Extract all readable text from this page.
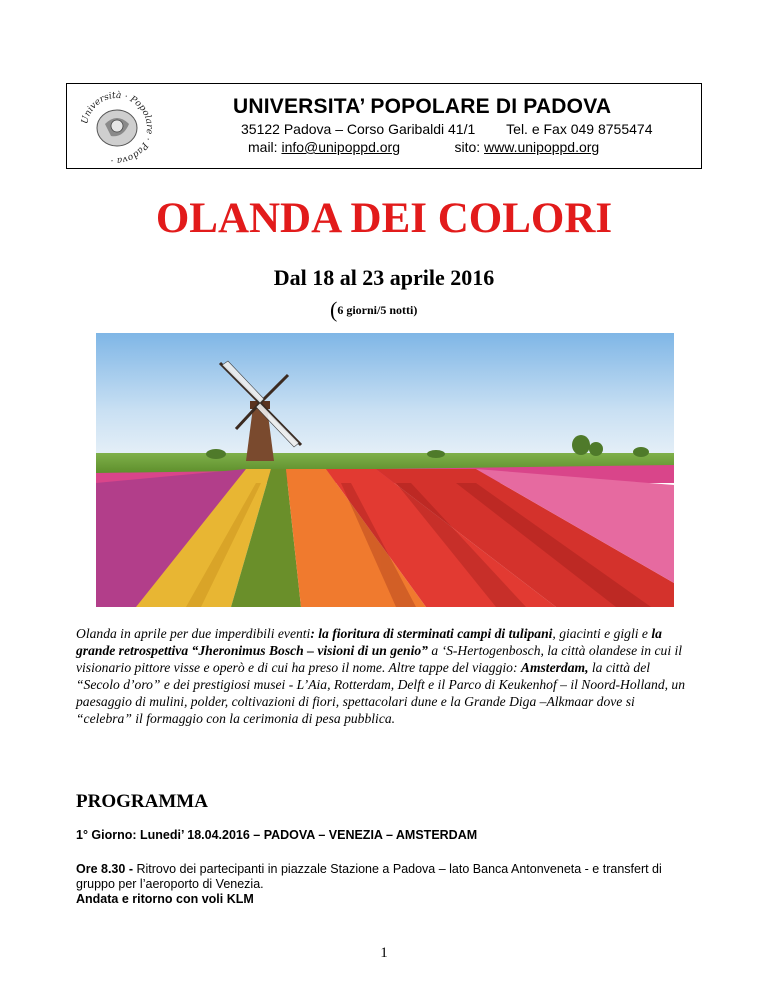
Università · Popolare · Padova ·
UNIVERSITA’ POPOLARE DI PADOVA
35122 Padova – Corso Garibaldi 41/1 Tel. e Fax 049 8755474
mail: info@unipoppd.org	sito: www.unipoppd.org
OLANDA DEI COLORI
Dal 18 al 23 aprile 2016
(6 giorni/5 notti)
Olanda in aprile per due imperdibili eventi: la fioritura di sterminati campi di tulipani, giacinti e gigli e la grande retrospettiva “Jheronimus Bosch – visioni di un genio” a ‘S-Hertogenbosch, la città olandese in cui il visionario pittore visse e operò e di cui ha preso il nome. Altre tappe del viaggio: Amsterdam, la città del “Secolo d’oro” e dei prestigiosi musei - L’Aia, Rotterdam, Delft e il Parco di Keukenhof – il Noord-Holland, un paesaggio di mulini, polder, coltivazioni di fiori, spettacolari dune e la Grande Diga –Alkmaar dove si “celebra” il formaggio con la cerimonia di pesa pubblica.
PROGRAMMA
1° Giorno: Lunedi’ 18.04.2016 – PADOVA – VENEZIA – AMSTERDAM
Ore 8.30 - Ritrovo dei partecipanti in piazzale Stazione a Padova – lato Banca Antonveneta - e transfert di gruppo per l’aeroporto di Venezia.
Andata e ritorno con voli KLM
1
